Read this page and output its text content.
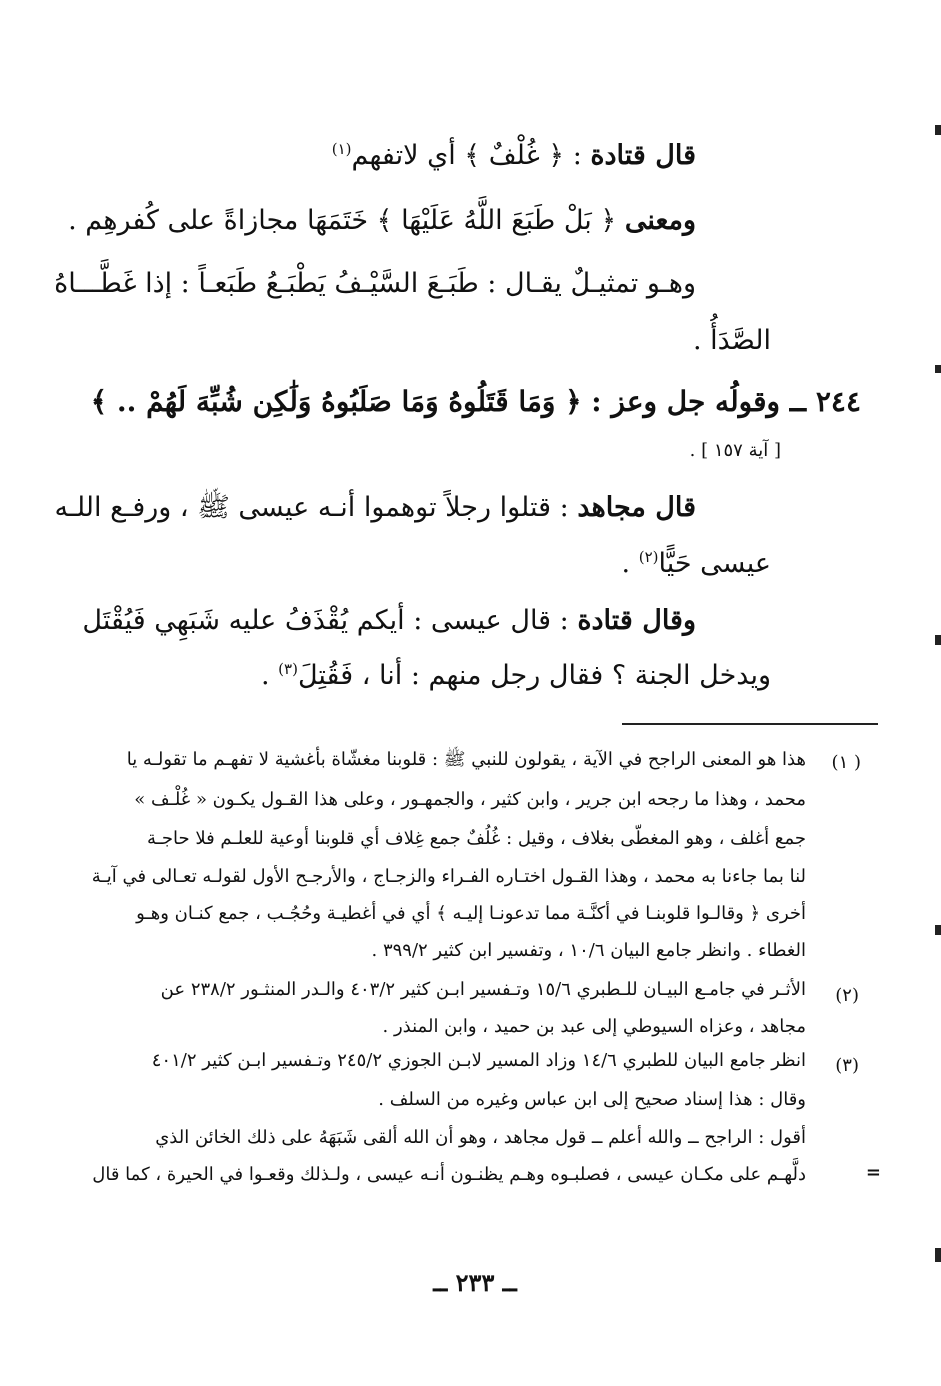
قال قتادة : ﴿ غُلْفٌ ﴾ أي لاتفهم$^{(١)}$
ومعنى ﴿ بَلْ طَبَعَ اللَّهُ عَلَيْهَا ﴾ خَتَمَهَا مجازاةً على كُفرهِم .
وهـو تمثيـلٌ يقـال : طَبَـعَ السَّيْـفُ يَطْبَـعُ طَبَعـاً : إذا غَطَّـــاهُ
الصَّدَأُ .
٢٤٤ ــ وقولُه جل وعز : ﴿ وَمَا قَتَلُوهُ وَمَا صَلَبُوهُ وَلَٰكِن شُبِّهَ لَهُمْ .. ﴾
[ آية ١٥٧ ] .
قال مجاهد : قتلوا رجلاً توهموا أنـه عيسى ﷺ ، ورفـع اللـه
عيسى حَيًّا$^{(٢)}$ .
وقال قتادة : قال عيسى : أيكم يُقْذَفُ عليه شَبَهِي فَيُقْتَل
ويدخل الجنة ؟ فقال رجل منهم : أنا ، فَقُتِلَ$^{(٣)}$ .
( ١)
هذا هو المعنى الراجح في الآية ، يقولون للنبي ﷺ : قلوبنا مغشّاة بأغشية لا تفهـم ما تقولـه يا
محمد ، وهذا ما رجحه ابن جرير ، وابن كثير ، والجمهـور ، وعلى هذا القـول يكـون « غُلْـف »
جمع أغلف ، وهو المغطّى بغلاف ، وقيل : غُلُفٌ جمع غِلاف أي قلوبنا أوعية للعلـم فلا حاجـة
لنا بما جاءنا به محمد ، وهذا القـول اختـاره الفـراء والزجـاج ، والأرجـح الأول لقولـه تعـالى في آيـة
أخرى ﴿ وقالـوا قلوبنـا في أكنَّـة مما تدعونـا إليـه ﴾ أي في أغطيـة وحُجُـب ، جمع كنـان وهـو
الغطاء . وانظر جامع البيان ١٠/٦ ، وتفسير ابن كثير ٣٩٩/٢ .
(٢)
الأثـر في جامـع البيـان للـطبري ١٥/٦ وتـفسير ابـن كثير ٤٠٣/٢ والـدر المنثـور ٢٣٨/٢ عن
مجاهد ، وعزاه السيوطي إلى عبد بن حميد ، وابن المنذر .
(٣)
انظر جامع البيان للطبري ١٤/٦ وزاد المسير لابـن الجوزي ٢٤٥/٢ وتـفسير ابـن كثير ٤٠١/٢
وقال : هذا إسناد صحيح إلى ابن عباس وغيره من السلف .
أقول : الراجح ــ والله أعلم ــ قول مجاهد ، وهو أن الله ألقى شَبَهَهُ على ذلك الخائن الذي
دلَّهـم على مكـان عيسى ، فصلبـوه وهـم يظنـون أنـه عيسى ، ولـذلك وقعـوا في الحيرة ، كما قال	=
ــ ٢٣٣ ــ
